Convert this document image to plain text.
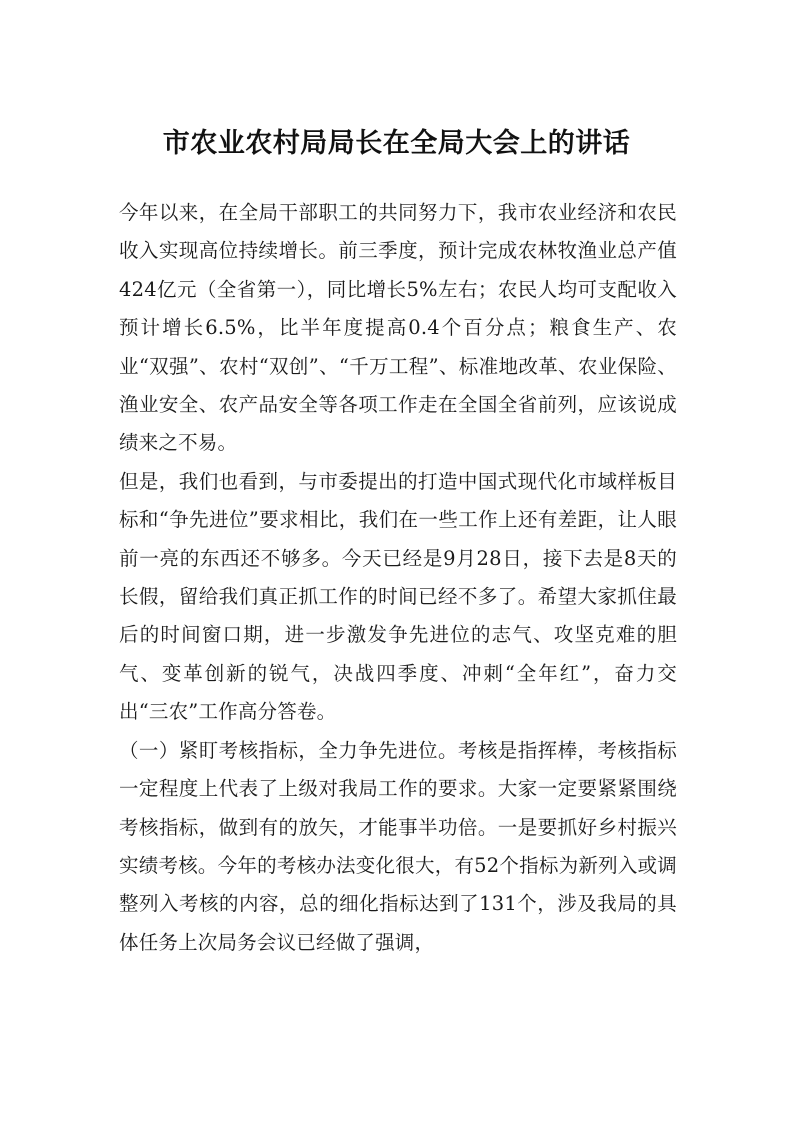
市农业农村局局长在全局大会上的讲话

今年以来，在全局干部职工的共同努力下，我市农业经济和农民收入实现高位持续增长。前三季度，预计完成农林牧渔业总产值424亿元（全省第一），同比增长5%左右；农民人均可支配收入预计增长6.5%，比半年度提高0.4个百分点；粮食生产、农业“双强”、农村“双创”、“千万工程”、标准地改革、农业保险、渔业安全、农产品安全等各项工作走在全国全省前列，应该说成绩来之不易。

但是，我们也看到，与市委提出的打造中国式现代化市域样板目标和“争先进位”要求相比，我们在一些工作上还有差距，让人眼前一亮的东西还不够多。今天已经是9月28日，接下去是8天的长假，留给我们真正抓工作的时间已经不多了。希望大家抓住最后的时间窗口期，进一步激发争先进位的志气、攻坚克难的胆气、变革创新的锐气，决战四季度、冲刺“全年红”，奋力交出“三农”工作高分答卷。

（一）紧盯考核指标，全力争先进位。考核是指挥棒，考核指标一定程度上代表了上级对我局工作的要求。大家一定要紧紧围绕考核指标，做到有的放矢，才能事半功倍。一是要抓好乡村振兴实绩考核。今年的考核办法变化很大，有52个指标为新列入或调整列入考核的内容，总的细化指标达到了131个，涉及我局的具体任务上次局务会议已经做了强调，
